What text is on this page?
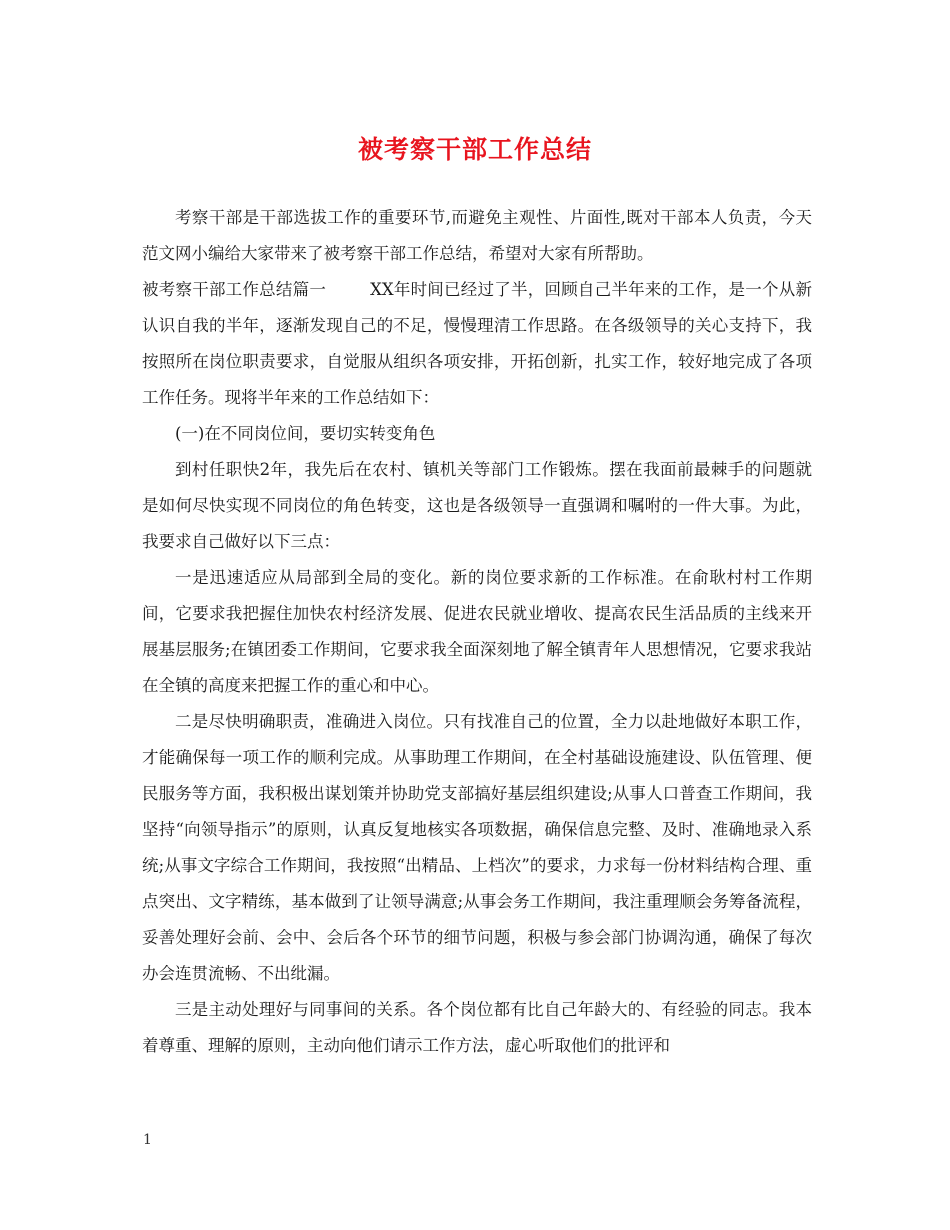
被考察干部工作总结

考察干部是干部选拔工作的重要环节,而避免主观性、片面性,既对干部本人负责，今天范文网小编给大家带来了被考察干部工作总结，希望对大家有所帮助。

被考察干部工作总结篇一	XX年时间已经过了半，回顾自己半年来的工作，是一个从新认识自我的半年，逐渐发现自己的不足，慢慢理清工作思路。在各级领导的关心支持下，我按照所在岗位职责要求，自觉服从组织各项安排，开拓创新，扎实工作，较好地完成了各项工作任务。现将半年来的工作总结如下：

(一)在不同岗位间，要切实转变角色

到村任职快2年，我先后在农村、镇机关等部门工作锻炼。摆在我面前最棘手的问题就是如何尽快实现不同岗位的角色转变，这也是各级领导一直强调和嘱咐的一件大事。为此，我要求自己做好以下三点：

一是迅速适应从局部到全局的变化。新的岗位要求新的工作标准。在俞耿村村工作期间，它要求我把握住加快农村经济发展、促进农民就业增收、提高农民生活品质的主线来开展基层服务;在镇团委工作期间，它要求我全面深刻地了解全镇青年人思想情况，它要求我站在全镇的高度来把握工作的重心和中心。

二是尽快明确职责，准确进入岗位。只有找准自己的位置，全力以赴地做好本职工作，才能确保每一项工作的顺利完成。从事助理工作期间，在全村基础设施建设、队伍管理、便民服务等方面，我积极出谋划策并协助党支部搞好基层组织建设;从事人口普查工作期间，我坚持“向领导指示”的原则，认真反复地核实各项数据，确保信息完整、及时、准确地录入系统;从事文字综合工作期间，我按照“出精品、上档次”的要求，力求每一份材料结构合理、重点突出、文字精练，基本做到了让领导满意;从事会务工作期间，我注重理顺会务筹备流程，妥善处理好会前、会中、会后各个环节的细节问题，积极与参会部门协调沟通，确保了每次办会连贯流畅、不出纰漏。

三是主动处理好与同事间的关系。各个岗位都有比自己年龄大的、有经验的同志。我本着尊重、理解的原则，主动向他们请示工作方法，虚心听取他们的批评和

1
